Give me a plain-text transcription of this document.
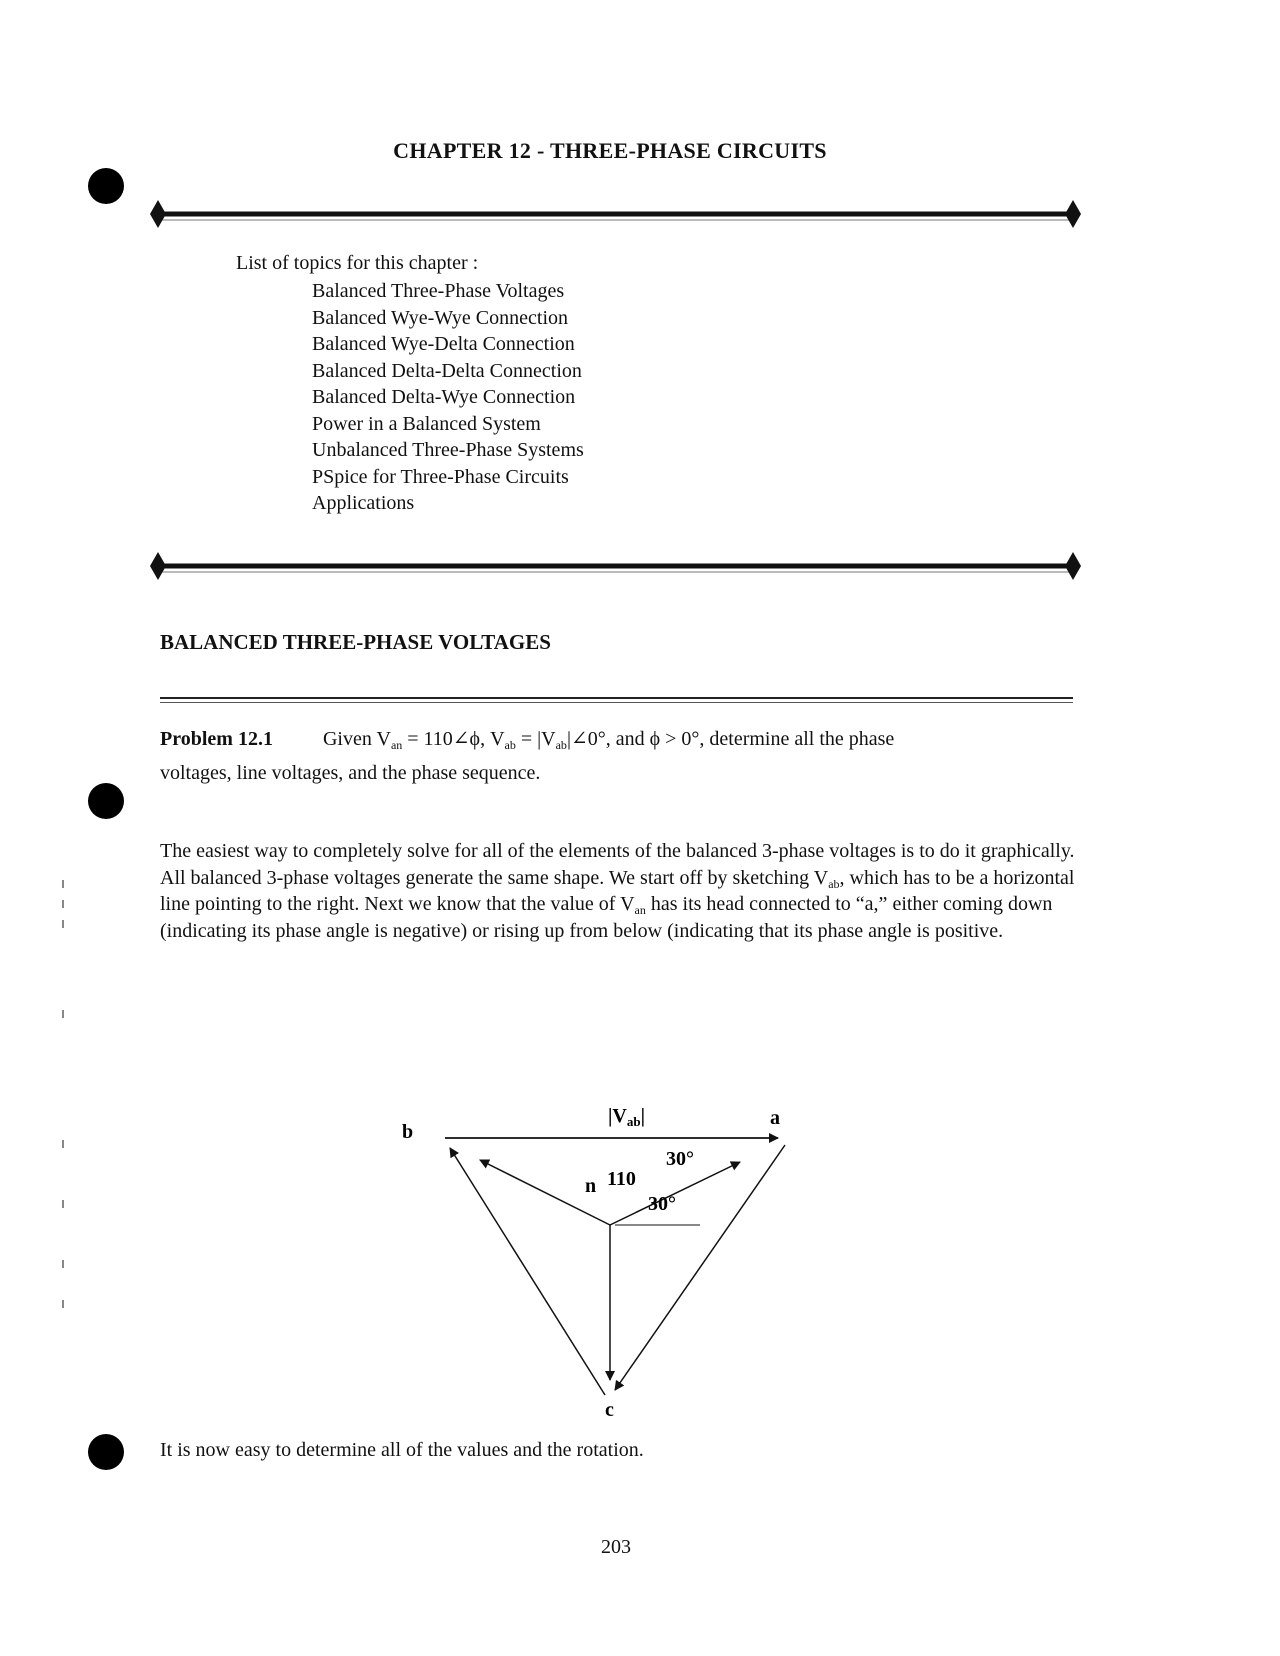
CHAPTER 12 - THREE-PHASE CIRCUITS
List of topics for this chapter :
Balanced Three-Phase Voltages
Balanced Wye-Wye Connection
Balanced Wye-Delta Connection
Balanced Delta-Delta Connection
Balanced Delta-Wye Connection
Power in a Balanced System
Unbalanced Three-Phase Systems
PSpice for Three-Phase Circuits
Applications
BALANCED THREE-PHASE VOLTAGES
Problem 12.1	Given $V_{an}$ = 110∠ϕ, $V_{ab}$ = $|V_{ab}|\angle 0^\circ$, and ϕ > 0°, determine all the phase
voltages, line voltages, and the phase sequence.
The easiest way to completely solve for all of the elements of the balanced 3-phase voltages is to do it graphically. All balanced 3-phase voltages generate the same shape. We start off by sketching $V_{ab}$, which has to be a horizontal line pointing to the right. Next we know that the value of $V_{an}$ has its head connected to “a,” either coming down (indicating its phase angle is negative) or rising up from below (indicating that its phase angle is positive.
b
a
n
c
$|V_{ab}|$
110
30°
30°
It is now easy to determine all of the values and the rotation.
203
